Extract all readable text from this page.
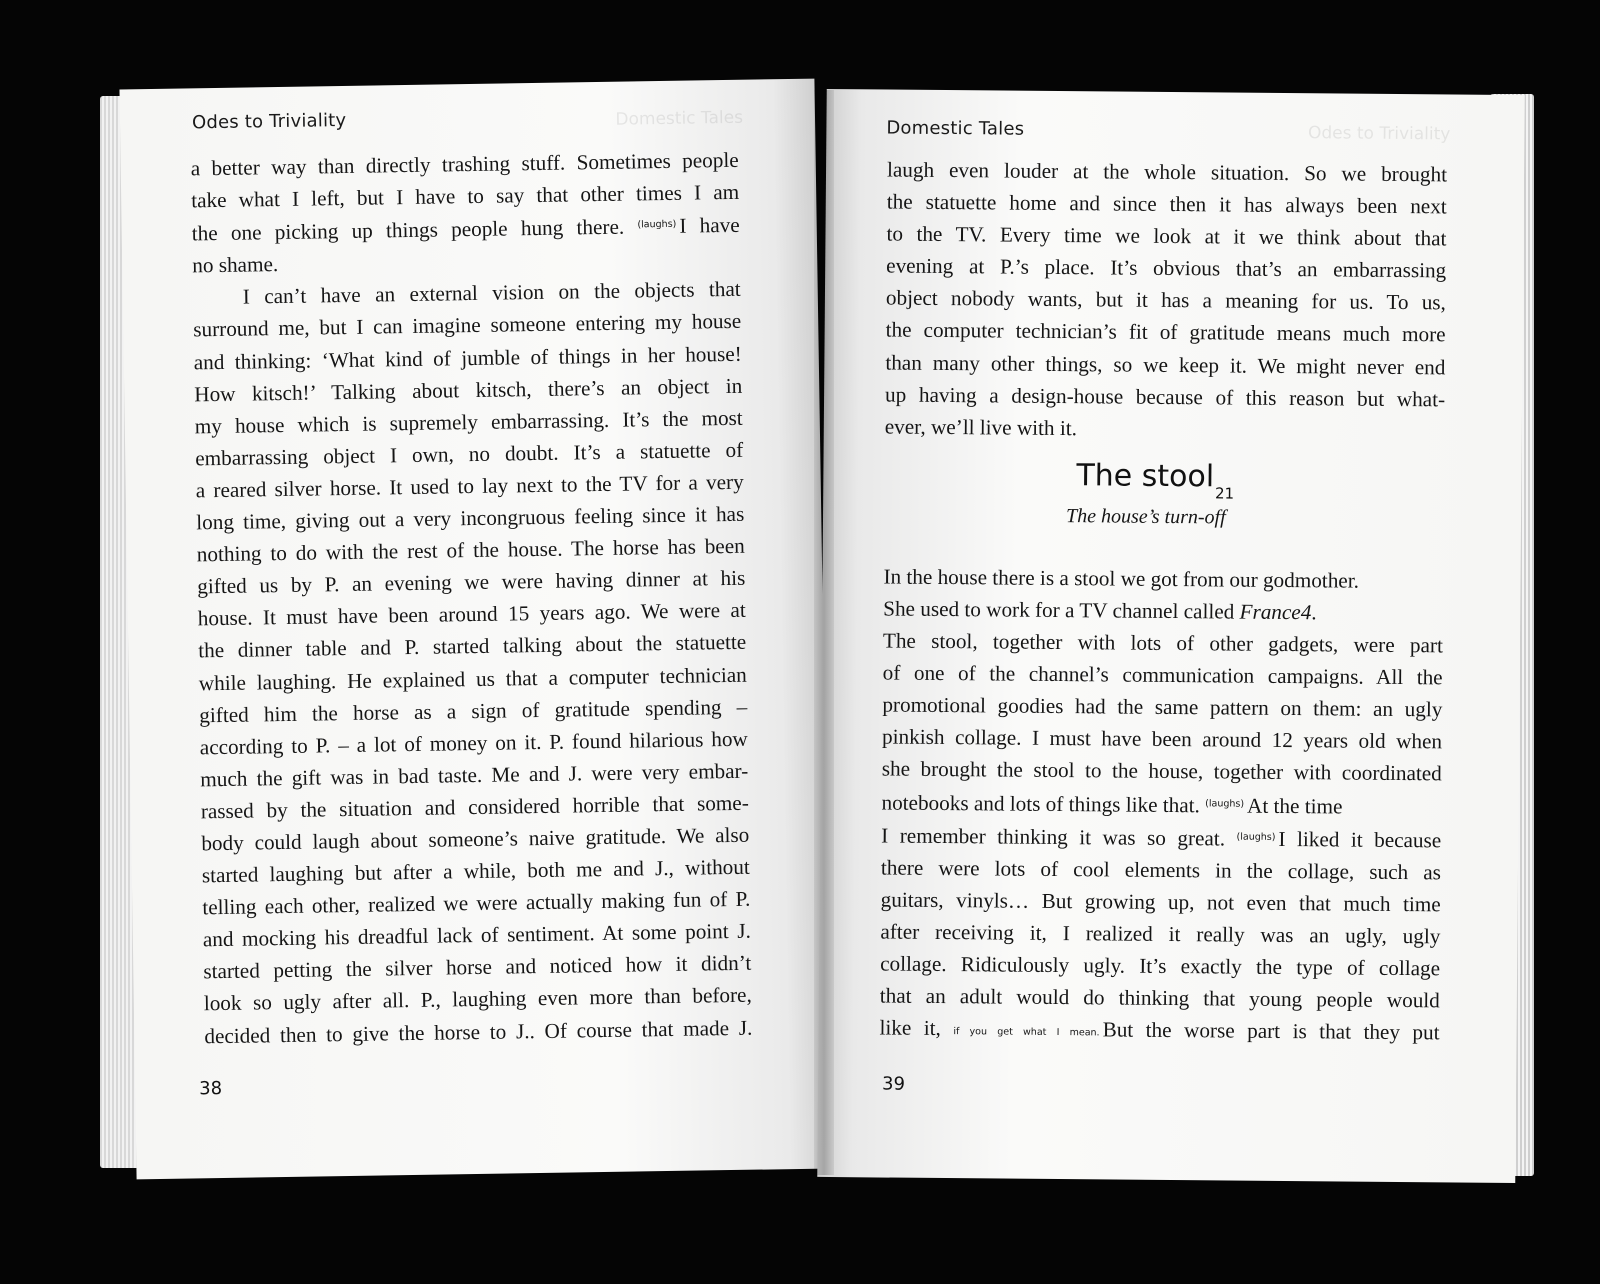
Domestic Tales
Odes to Triviality
a better way than directly trashing stuff. Sometimes people
take what I left, but I have to say that other times I am
the one picking up things people hung there. $^{(laughs)}$ I have
no shame.
I can’t have an external vision on the objects that
surround me, but I can imagine someone entering my house
and thinking: ‘What kind of jumble of things in her house!
How kitsch!’ Talking about kitsch, there’s an object in
my house which is supremely embarrassing. It’s the most
embarrassing object I own, no doubt. It’s a statuette of
a reared silver horse. It used to lay next to the TV for a very
long time, giving out a very incongruous feeling since it has
nothing to do with the rest of the house. The horse has been
gifted us by P. an evening we were having dinner at his
house. It must have been around 15 years ago. We were at
the dinner table and P. started talking about the statuette
while laughing. He explained us that a computer technician
gifted him the horse as a sign of gratitude spending –
according to P. – a lot of money on it. P. found hilarious how
much the gift was in bad taste. Me and J. were very embar-
rassed by the situation and considered horrible that some-
body could laugh about someone’s naive gratitude. We also
started laughing but after a while, both me and J., without
telling each other, realized we were actually making fun of P.
and mocking his dreadful lack of sentiment. At some point J.
started petting the silver horse and noticed how it didn’t
look so ugly after all. P., laughing even more than before,
decided then to give the horse to J.. Of course that made J.
38
Odes to Triviality
Domestic Tales
laugh even louder at the whole situation. So we brought
the statuette home and since then it has always been next
to the TV. Every time we look at it we think about that
evening at P.’s place. It’s obvious that’s an embarrassing
object nobody wants, but it has a meaning for us. To us,
the computer technician’s fit of gratitude means much more
than many other things, so we keep it. We might never end
up having a design-house because of this reason but what-
ever, we’ll live with it.
The stool$_{21}$
The house’s turn-off
In the house there is a stool we got from our godmother.
She used to work for a TV channel called France4.
The stool, together with lots of other gadgets, were part
of one of the channel’s communication campaigns. All the
promotional goodies had the same pattern on them: an ugly
pinkish collage. I must have been around 12 years old when
she brought the stool to the house, together with coordinated
notebooks and lots of things like that. $^{(laughs)}$ At the time
I remember thinking it was so great. $^{(laughs)}$ I liked it because
there were lots of cool elements in the collage, such as
guitars, vinyls… But growing up, not even that much time
after receiving it, I realized it really was an ugly, ugly
collage. Ridiculously ugly. It’s exactly the type of collage
that an adult would do thinking that young people would
like it, if you get what I mean. But the worse part is that they put
39
